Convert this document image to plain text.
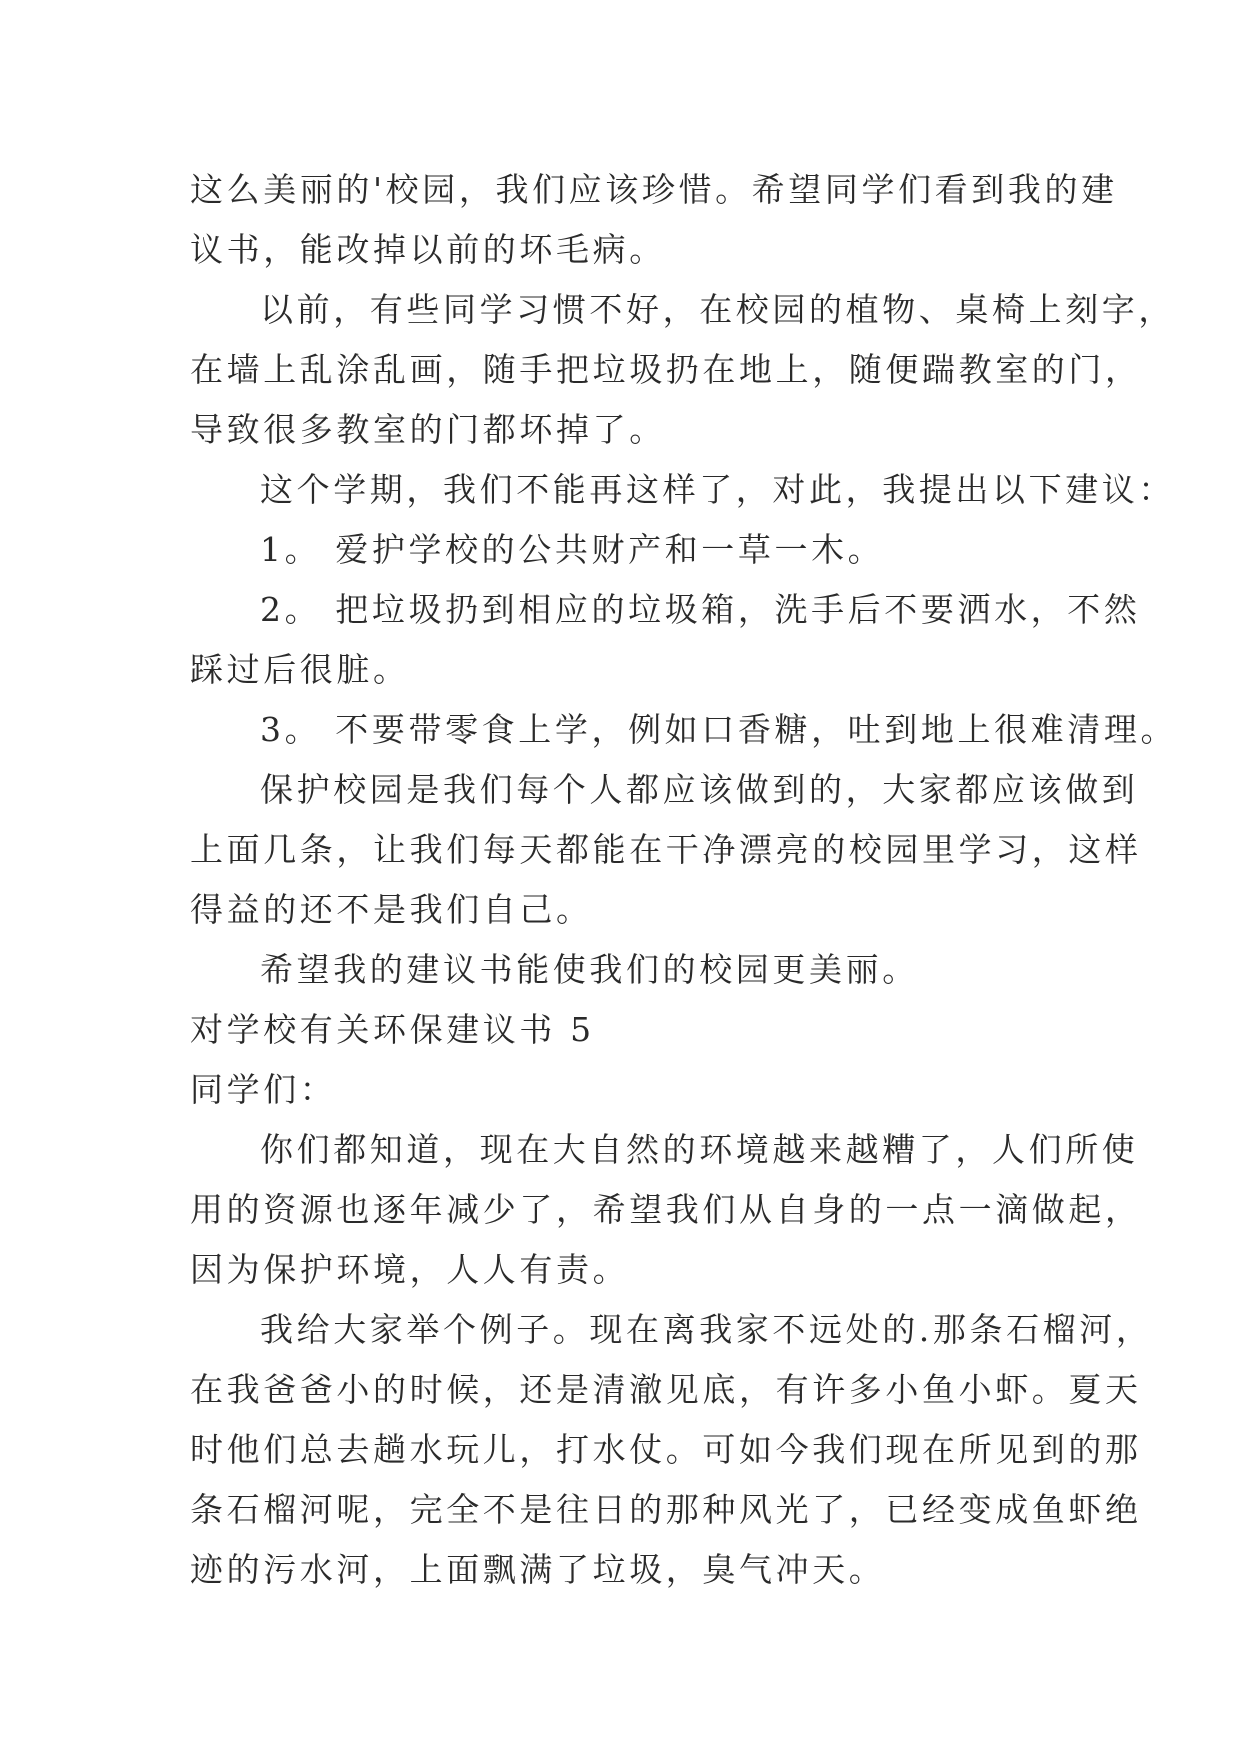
这么美丽的'校园，我们应该珍惜。希望同学们看到我的建
议书，能改掉以前的坏毛病。
以前，有些同学习惯不好，在校园的植物、桌椅上刻字，
在墙上乱涂乱画，随手把垃圾扔在地上，随便踹教室的门，
导致很多教室的门都坏掉了。
这个学期，我们不能再这样了，对此，我提出以下建议：
1。 爱护学校的公共财产和一草一木。
2。 把垃圾扔到相应的垃圾箱，洗手后不要洒水，不然
踩过后很脏。
3。 不要带零食上学，例如口香糖，吐到地上很难清理。
保护校园是我们每个人都应该做到的，大家都应该做到
上面几条，让我们每天都能在干净漂亮的校园里学习，这样
得益的还不是我们自己。
希望我的建议书能使我们的校园更美丽。
对学校有关环保建议书 5
同学们：
你们都知道，现在大自然的环境越来越糟了，人们所使
用的资源也逐年减少了，希望我们从自身的一点一滴做起，
因为保护环境，人人有责。
我给大家举个例子。现在离我家不远处的.那条石榴河，
在我爸爸小的时候，还是清澈见底，有许多小鱼小虾。夏天
时他们总去趟水玩儿，打水仗。可如今我们现在所见到的那
条石榴河呢，完全不是往日的那种风光了，已经变成鱼虾绝
迹的污水河，上面飘满了垃圾，臭气冲天。
